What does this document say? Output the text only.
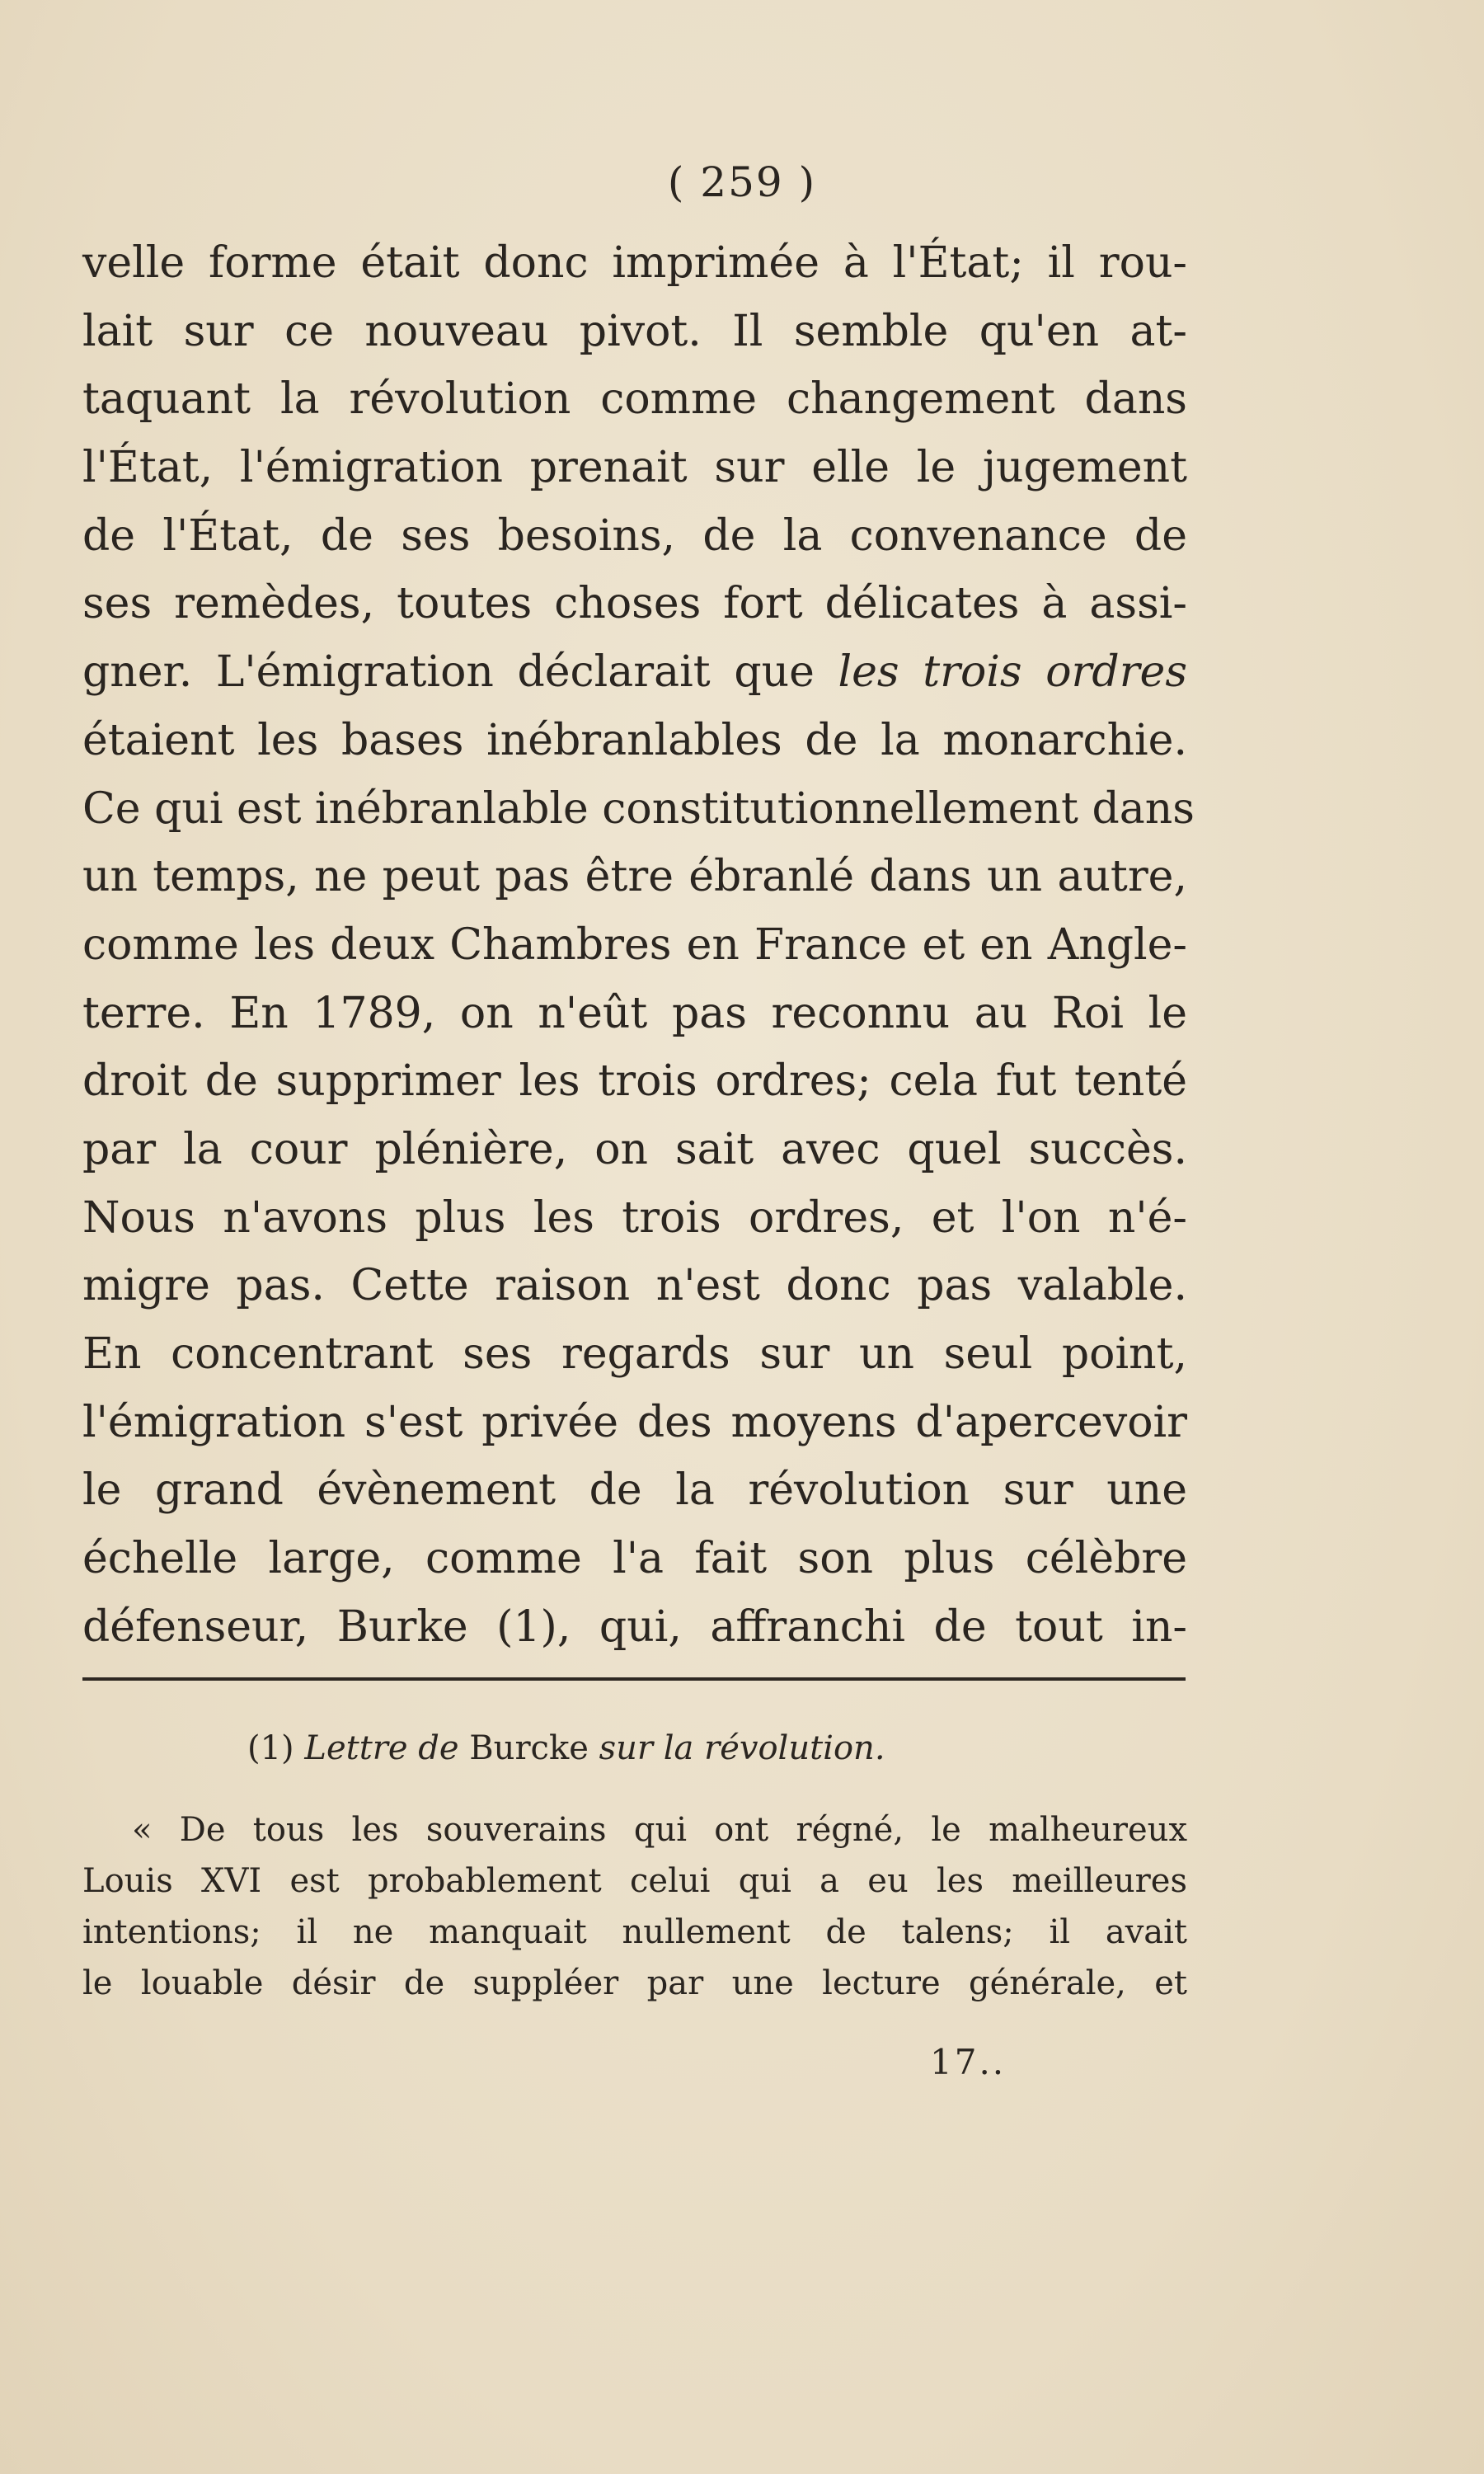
( 259 )
velle forme était donc imprimée à l'État; il rou-
lait sur ce nouveau pivot. Il semble qu'en at-
taquant la révolution comme changement dans
l'État, l'émigration prenait sur elle le jugement
de l'État, de ses besoins, de la convenance de
ses remèdes, toutes choses fort délicates à assi-
gner. L'émigration déclarait que les trois ordres
étaient les bases inébranlables de la monarchie.
Ce qui est inébranlable constitutionnellement dans
un temps, ne peut pas être ébranlé dans un autre,
comme les deux Chambres en France et en Angle-
terre. En 1789, on n'eût pas reconnu au Roi le
droit de supprimer les trois ordres; cela fut tenté
par la cour plénière, on sait avec quel succès.
Nous n'avons plus les trois ordres, et l'on n'é-
migre pas. Cette raison n'est donc pas valable.
En concentrant ses regards sur un seul point,
l'émigration s'est privée des moyens d'apercevoir
le grand évènement de la révolution sur une
échelle large, comme l'a fait son plus célèbre
défenseur, Burke (1), qui, affranchi de tout in-
(1) Lettre de Burcke sur la révolution.
« De tous les souverains qui ont régné, le malheureux
Louis XVI est probablement celui qui a eu les meilleures
intentions; il ne manquait nullement de talens; il avait
le louable désir de suppléer par une lecture générale, et
17..
